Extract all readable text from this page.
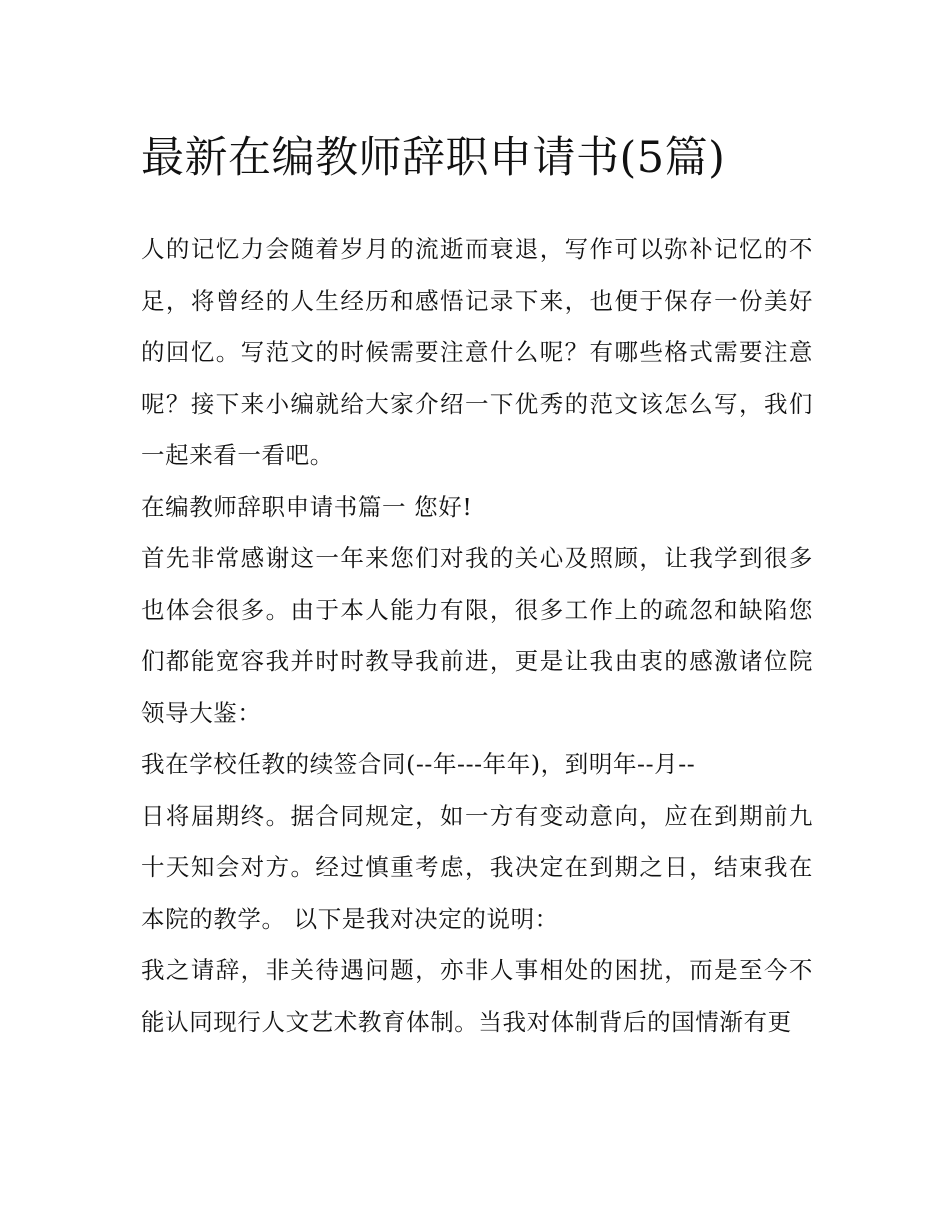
最新在编教师辞职申请书(5篇)

人的记忆力会随着岁月的流逝而衰退，写作可以弥补记忆的不足，将曾经的人生经历和感悟记录下来，也便于保存一份美好的回忆。写范文的时候需要注意什么呢？有哪些格式需要注意呢？接下来小编就给大家介绍一下优秀的范文该怎么写，我们一起来看一看吧。

在编教师辞职申请书篇一 您好!

首先非常感谢这一年来您们对我的关心及照顾，让我学到很多也体会很多。由于本人能力有限，很多工作上的疏忽和缺陷您们都能宽容我并时时教导我前进，更是让我由衷的感激诸位院领导大鉴：

我在学校任教的续签合同(--年---年年)，到明年--月--

日将届期终。据合同规定，如一方有变动意向，应在到期前九十天知会对方。经过慎重考虑，我决定在到期之日，结束我在本院的教学。 以下是我对决定的说明：

我之请辞，非关待遇问题，亦非人事相处的困扰，而是至今不能认同现行人文艺术教育体制。当我对体制背后的国情渐有更
